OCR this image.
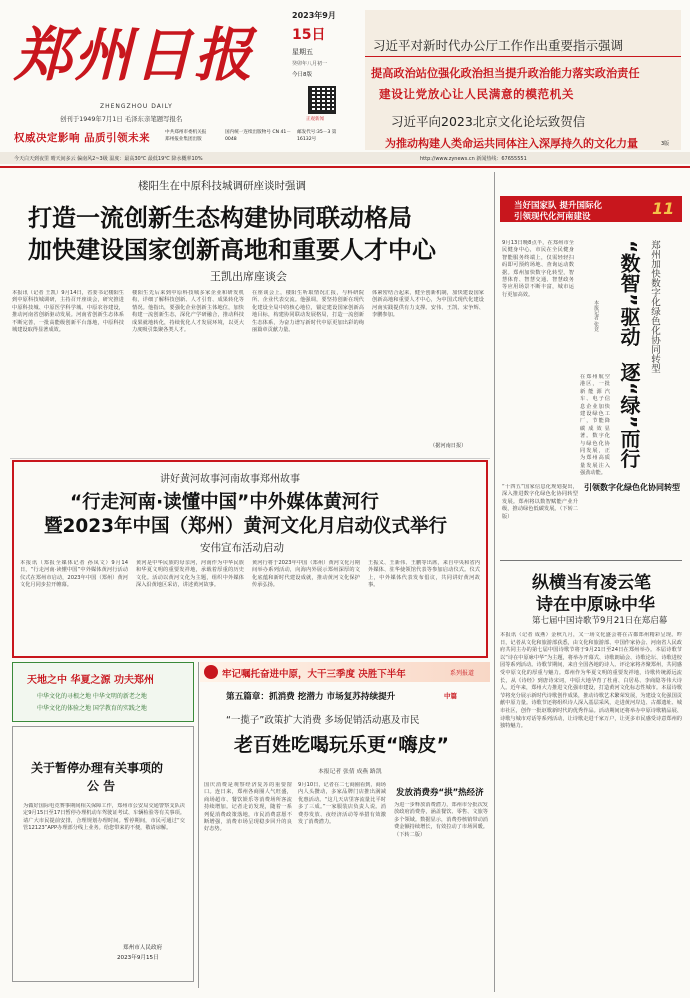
郑州日报
ZHENGZHOU DAILY
创刊于1949年7月1日 毛泽东亲笔题写报名
2023年9月
15日
星期五
癸卯年八月初一
今日8版
正观新闻
权威决定影响 品质引领未来	中共郑州市委机关报
郑州报业集团出版
国内统一连续出版物号 CN 41－0048
邮发代号:35－3 第16132号
今天白天到夜里 晴天间多云 偏南风2~3级 温度：最高30℃ 最低19℃ 降水概率10%	http://www.zynews.cn 新闻热线：67655551
习近平对新时代办公厅工作作出重要指示强调
提高政治站位强化政治担当提升政治能力落实政治责任
建设让党放心让人民满意的模范机关
习近平向2023北京文化论坛致贺信
为推动构建人类命运共同体注入深厚持久的文化力量	3版
楼阳生在中原科技城调研座谈时强调
打造一流创新生态构建协同联动格局
加快建设国家创新高地和重要人才中心
王凯出席座谈会
本报讯（记者 王凯）9月14日，省委书记楼阳生到中原科技城调研，主持召开座谈会，研究推进中原科技城、中原医学科学城、中原农谷建设，推动河南省创新驱动发展。河南省创新生态体系不断完善，一批高能级创新平台落地，中原科技城建设取得显著成效。
楼阳生先后来到中原科技城多家企业和研发机构，详细了解科技创新、人才引育、成果转化等情况。他指出，要强化企业创新主体地位，加快构建一流创新生态，深化产学研融合，推动科技成果就地转化，持续优化人才发展环境，以更大力度吸引集聚各类人才。
在座谈会上，楼阳生听取情况汇报，与科研院所、企业代表交流。他强调，要坚持创新在现代化建设全局中的核心地位，锚定建设国家创新高地目标，构建协同联动发展格局，打造一流创新生态体系，为奋力谱写新时代中原更加出彩的绚丽篇章贡献力量。
体紧密结合起来，健全创新机制，加快建设国家创新高地和重要人才中心，为中国式现代化建设河南实践提供有力支撑。安伟、王凯、宋争辉、李鹏参加。
（据河南日报）
讲好黄河故事河南故事郑州故事
“行走河南·读懂中国”中外媒体黄河行
暨2023年中国（郑州）黄河文化月启动仪式举行
安伟宣布活动启动
本报讯（郑报全媒体记者 孙凤文）9月14日，“行走河南·读懂中国”中外媒体黄河行活动仪式在郑州市启动，2023年中国（郑州）黄河文化月同步拉开帷幕。
黄河是中华民族的母亲河，河南作为中华民族和华夏文明的重要发祥地，承载着厚重的历史文化。活动以黄河文化为主题，组织中外媒体深入沿黄地区采访，讲述黄河故事。
黄河行将于2023年中国（郑州）黄河文化月期间举办系列活动，向海内外展示郑州深厚的文化底蕴和新时代建设成就，推动黄河文化保护传承弘扬。
王振义、王新伟、王鹏等出席，来自中央和省内外媒体、驻华使领馆代表等参加启动仪式。仪式上，中外媒体代表发布倡议，共同讲好黄河故事。
当好国家队 提升国际化
引领现代化河南建设	11
9月13日晚8点半，在郑州市全民健身中心，市民在全民健身智能服务终端上，仅需轻轻扫码即可预约场地、查询运动数据。郑州加快数字化转型，智慧体育、智慧交通、智慧政务等应用场景不断丰富，城市运行更加高效。	“数智”驱动
逐“绿”而行
郑州加快数字化绿色化协同转型
本报记者 张竞
在郑州航空港区，一批新能源汽车、电子信息企业加快建设绿色工厂，节能降碳成效显著。数字化与绿色化协同发展，正为郑州高质量发展注入强劲动能。
引领数字化绿色化协同转型
“十四五”国家信息化规划提出，深入推进数字化绿色化协同转型发展。郑州将以数智赋能产业升级，推动绿色低碳发展。（下转二版）
纵横当有凌云笔
诗在中原咏中华
第七届中国诗歌节9月21日在郑启幕
本报讯（记者 成燕）金秋九月，又一场文化盛会将在古都郑州精彩呈现。昨日，记者从文化和旅游部获悉，由文化和旅游部、中国作家协会、河南省人民政府共同主办的第七届中国诗歌节将于9月21日至24日在郑州举办。本届诗歌节以“诗在中原咏中华”为主题，将举办开幕式、诗歌朗诵会、诗歌论坛、诗歌进校园等系列活动。诗歌节期间，来自全国各地的诗人、评论家将齐聚郑州，共同感受中原文化的厚重与魅力。郑州作为华夏文明的重要发祥地，诗歌传统源远流长，从《诗经》到唐诗宋词，中原大地孕育了杜甫、白居易、李商隐等伟大诗人。近年来，郑州大力推进文化强市建设，打造黄河文化标志性城市。本届诗歌节将充分展示新时代诗歌创作成果，推动诗歌艺术繁荣发展，为建设文化强国贡献中原力量。诗歌节还将组织诗人深入基层采风，走进黄河岸边、古都遗址、城市社区，创作一批讴歌新时代的优秀作品。活动期间还将举办中原诗歌精品展、诗歌与城市对话等系列活动，让诗歌走进千家万户，让更多市民感受诗意郑州的独特魅力。
天地之中 华夏之源 功夫郑州
中华文化的寻根之地 中华文明的新老之地
中华文化的体验之地 国学教育的实践之地
关于暂停办理有关事项的
公 告
为做好国际电竞赛事期间相关保障工作，郑州市公安局交通警察支队决定9月15日至17日暂停办理机动车驾驶证考试、车辆检验等有关事项。请广大市民提前安排，合理规划办理时间。暂停期间，市民可通过“交管12123”APP办理部分线上业务。给您带来的不便，敬请谅解。
郑州市人民政府
2023年9月15日
牢记嘱托奋进中原，大干三季度 决胜下半年	系列报道
第五篇章：抓消费 挖潜力 市场复苏持续提升	中篇
“一揽子”政策扩大消费 多场促销活动惠及市民
老百姓吃喝玩乐更“嗨皮”
本报记者 张倩 成燕 路凯
国庆消费是观察经济复苏的重要窗口。连日来，郑州各商圈人气旺盛，商场超市、餐饮娱乐等消费场所客流持续增加。记者走访发现，随着一系列促消费政策落地，市民消费意愿不断增强，消费市场呈现稳步回升的良好态势。
9月10日，记者在二七商圈看到，商场内人头攒动，多家品牌门店推出满减优惠活动。“这几天店里客流量比平时多了三成。”一家服装店负责人说。消费券发放、夜经济活动等举措有效激发了消费潜力。
发放消费券“拱”热经济
为进一步释放消费潜力，郑州市分批次发放政府消费券，涵盖餐饮、零售、文旅等多个领域。数据显示，消费券核销带动消费金额持续增长，有效拉动了市场回暖。（下转二版）
